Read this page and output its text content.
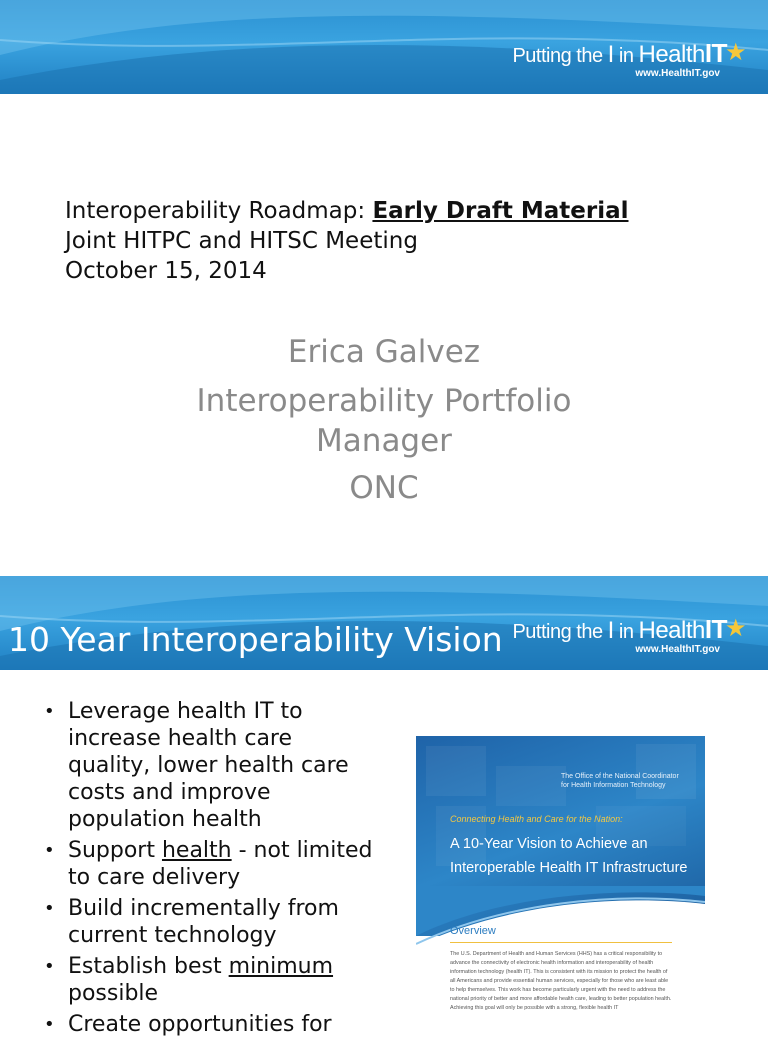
Putting the I in HealthIT★
www.HealthIT.gov
Interoperability Roadmap: Early Draft Material
Joint HITPC and HITSC Meeting
October 15, 2014
Erica Galvez
Interoperability Portfolio Manager
ONC
Putting the I in HealthIT★
www.HealthIT.gov
10 Year Interoperability Vision
• Leverage health IT to increase health care quality, lower health care costs and improve population health
• Support health - not limited to care delivery
• Build incrementally from current technology
• Establish best minimum possible
• Create opportunities for
The Office of the National Coordinator for Health Information Technology
Connecting Health and Care for the Nation:
A 10-Year Vision to Achieve an Interoperable Health IT Infrastructure
Overview
The U.S. Department of Health and Human Services (HHS) has a critical responsibility to advance the connectivity of electronic health information and interoperability of health information technology (health IT). This is consistent with its mission to protect the health of all Americans and provide essential human services, especially for those who are least able to help themselves. This work has become particularly urgent with the need to address the national priority of better and more affordable health care, leading to better population health. Achieving this goal will only be possible with a strong, flexible health IT
